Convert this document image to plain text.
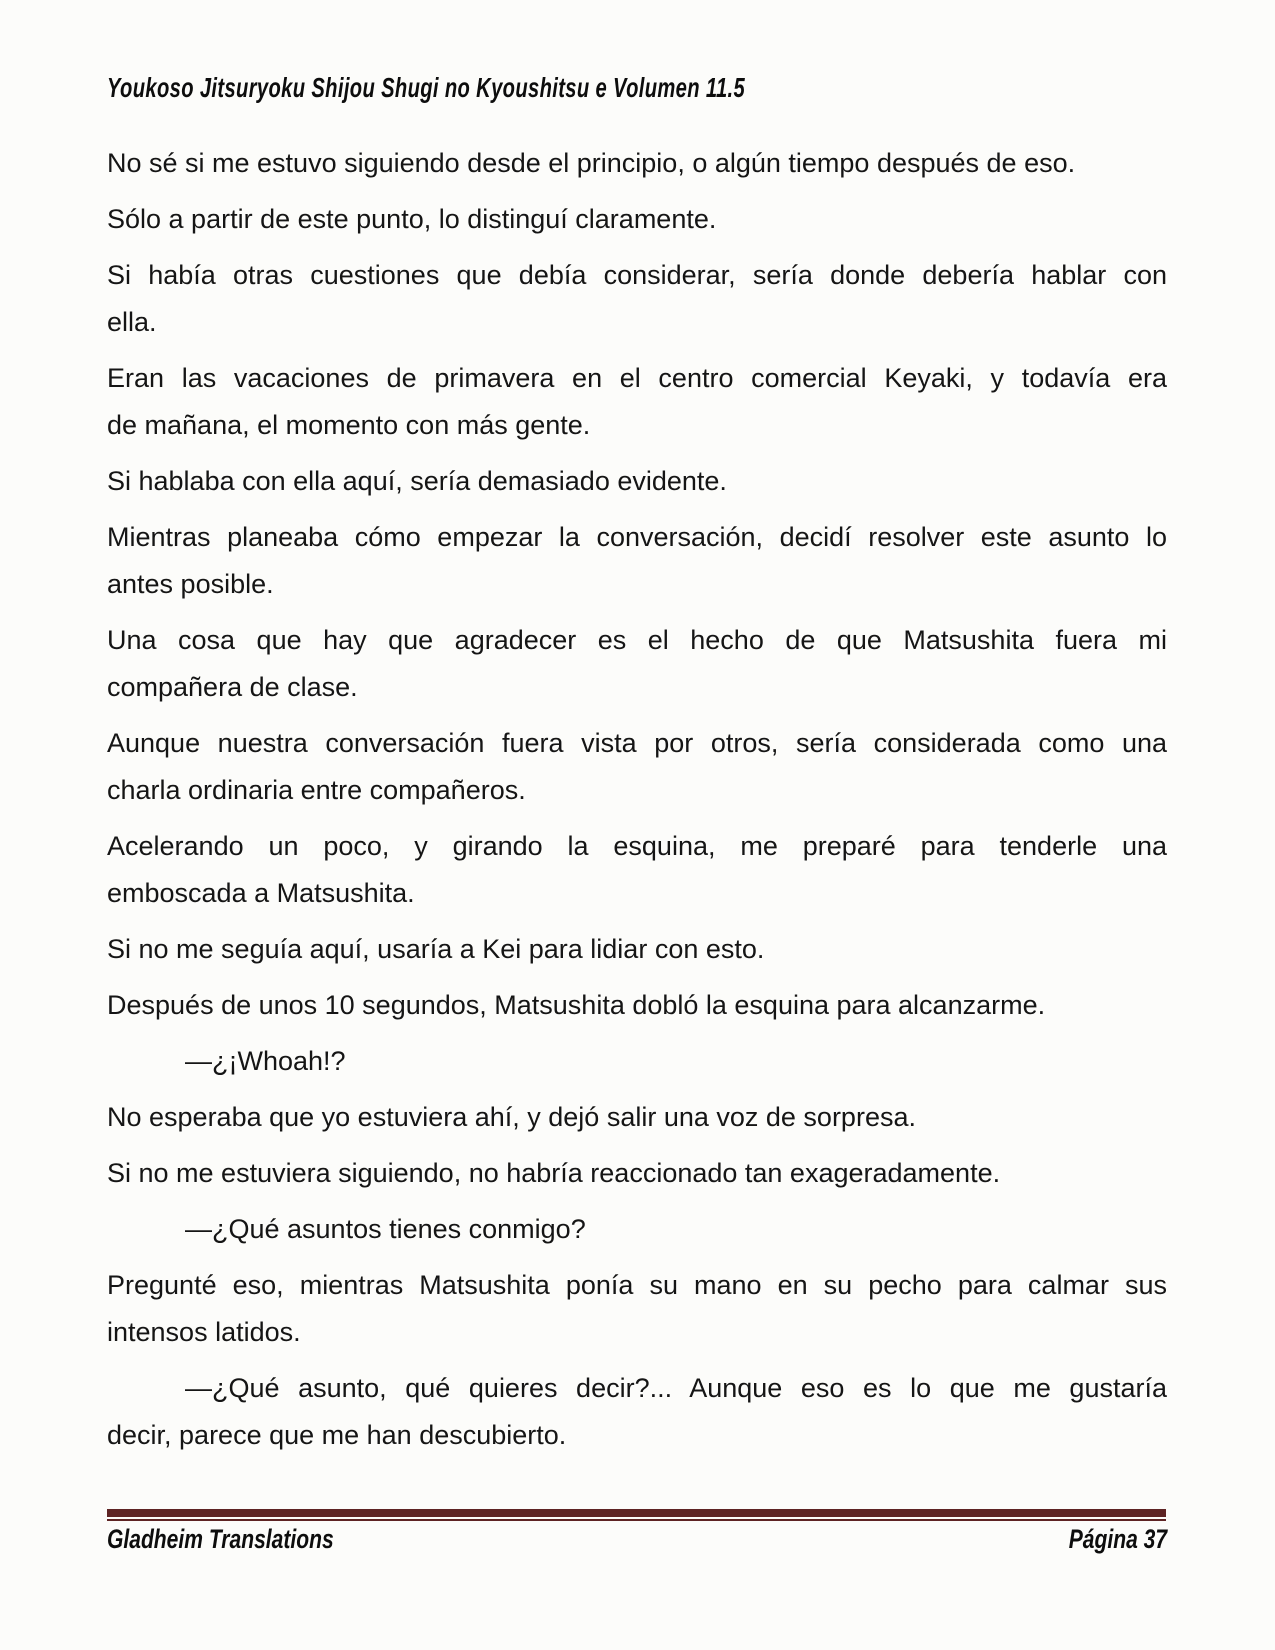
Youkoso Jitsuryoku Shijou Shugi no Kyoushitsu e Volumen 11.5

No sé si me estuvo siguiendo desde el principio, o algún tiempo después de eso.

Sólo a partir de este punto, lo distinguí claramente.

Si había otras cuestiones que debía considerar, sería donde debería hablar con
ella.

Eran las vacaciones de primavera en el centro comercial Keyaki, y todavía era
de mañana, el momento con más gente.

Si hablaba con ella aquí, sería demasiado evidente.

Mientras planeaba cómo empezar la conversación, decidí resolver este asunto lo
antes posible.

Una cosa que hay que agradecer es el hecho de que Matsushita fuera mi
compañera de clase.

Aunque nuestra conversación fuera vista por otros, sería considerada como una
charla ordinaria entre compañeros.

Acelerando un poco, y girando la esquina, me preparé para tenderle una
emboscada a Matsushita.

Si no me seguía aquí, usaría a Kei para lidiar con esto.

Después de unos 10 segundos, Matsushita dobló la esquina para alcanzarme.

—¿¡Whoah!?

No esperaba que yo estuviera ahí, y dejó salir una voz de sorpresa.

Si no me estuviera siguiendo, no habría reaccionado tan exageradamente.

—¿Qué asuntos tienes conmigo?

Pregunté eso, mientras Matsushita ponía su mano en su pecho para calmar sus
intensos latidos.

—¿Qué asunto, qué quieres decir?... Aunque eso es lo que me gustaría
decir, parece que me han descubierto.

Gladheim Translations	Página 37
